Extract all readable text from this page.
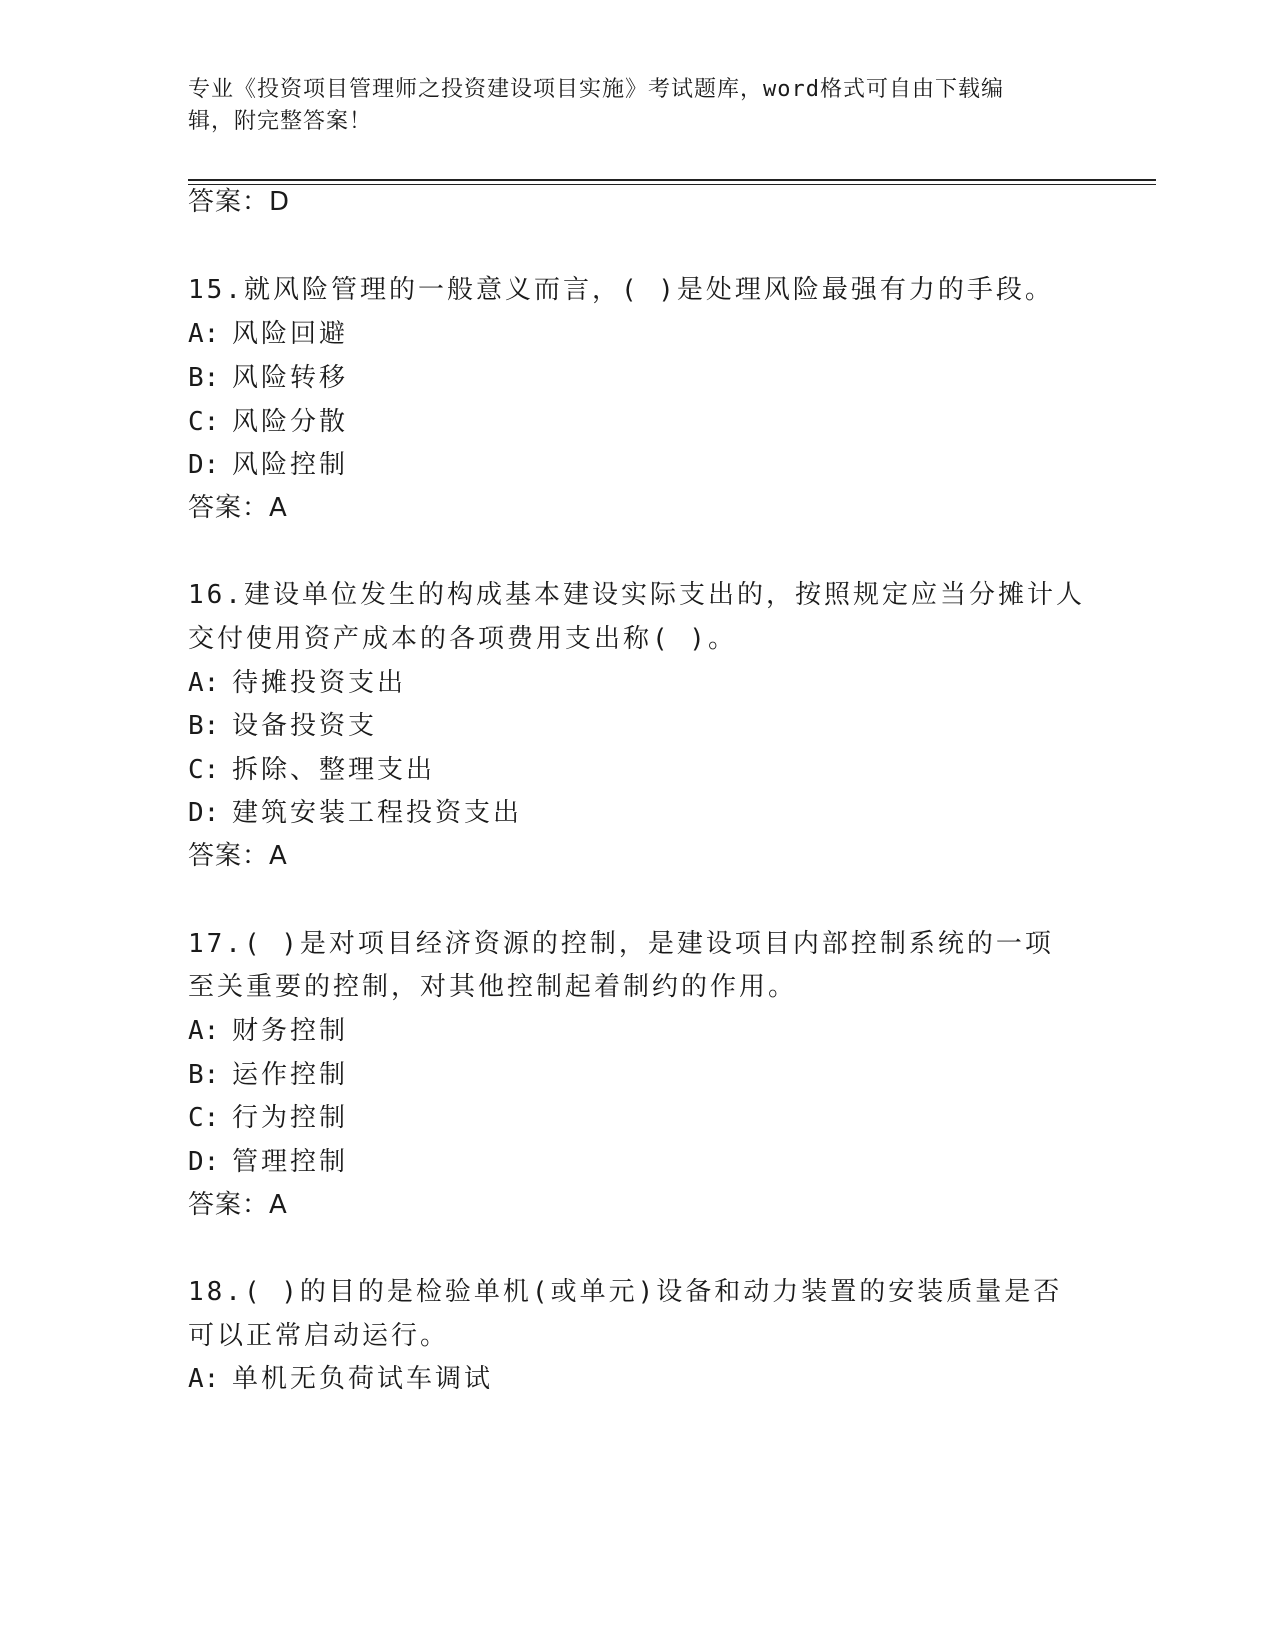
专业《投资项目管理师之投资建设项目实施》考试题库，word格式可自由下载编
辑，附完整答案！
答案：D
15.就风险管理的一般意义而言，( )是处理风险最强有力的手段。
A: 风险回避
B: 风险转移
C: 风险分散
D: 风险控制
答案：A
16.建设单位发生的构成基本建设实际支出的，按照规定应当分摊计人
交付使用资产成本的各项费用支出称( )。
A: 待摊投资支出
B: 设备投资支
C: 拆除、整理支出
D: 建筑安装工程投资支出
答案：A
17.( )是对项目经济资源的控制，是建设项目内部控制系统的一项
至关重要的控制，对其他控制起着制约的作用。
A: 财务控制
B: 运作控制
C: 行为控制
D: 管理控制
答案：A
18.( )的目的是检验单机(或单元)设备和动力装置的安装质量是否
可以正常启动运行。
A: 单机无负荷试车调试
